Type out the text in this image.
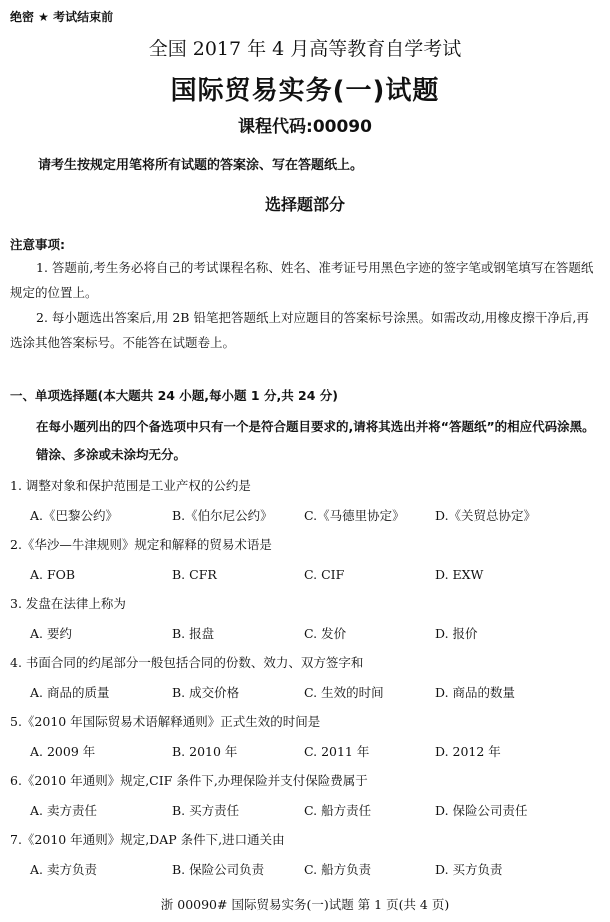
绝密 ★ 考试结束前
全国 2017 年 4 月高等教育自学考试
国际贸易实务(一)试题
课程代码:00090
请考生按规定用笔将所有试题的答案涂、写在答题纸上。
选择题部分
注意事项:
1. 答题前,考生务必将自己的考试课程名称、姓名、准考证号用黑色字迹的签字笔或钢笔填写在答题纸规定的位置上。
2. 每小题选出答案后,用 2B 铅笔把答题纸上对应题目的答案标号涂黑。如需改动,用橡皮擦干净后,再选涂其他答案标号。不能答在试题卷上。
一、单项选择题(本大题共 24 小题,每小题 1 分,共 24 分)
在每小题列出的四个备选项中只有一个是符合题目要求的,请将其选出并将“答题纸”的相应代码涂黑。错涂、多涂或未涂均无分。
1. 调整对象和保护范围是工业产权的公约是
A.《巴黎公约》	B.《伯尔尼公约》	C.《马德里协定》 D.《关贸总协定》
2.《华沙—牛津规则》规定和解释的贸易术语是
A. FOB	B. CFR	C. CIF	D. EXW
3. 发盘在法律上称为
A. 要约	B. 报盘	C. 发价	D. 报价
4. 书面合同的约尾部分一般包括合同的份数、效力、双方签字和
A. 商品的质量	B. 成交价格	C. 生效的时间	D. 商品的数量
5.《2010 年国际贸易术语解释通则》正式生效的时间是
A. 2009 年	B. 2010 年	C. 2011 年	D. 2012 年
6.《2010 年通则》规定,CIF 条件下,办理保险并支付保险费属于
A. 卖方责任	B. 买方责任	C. 船方责任	D. 保险公司责任
7.《2010 年通则》规定,DAP 条件下,进口通关由
A. 卖方负责	B. 保险公司负责	C. 船方负责	D. 买方负责
浙 00090# 国际贸易实务(一)试题 第 1 页(共 4 页)
